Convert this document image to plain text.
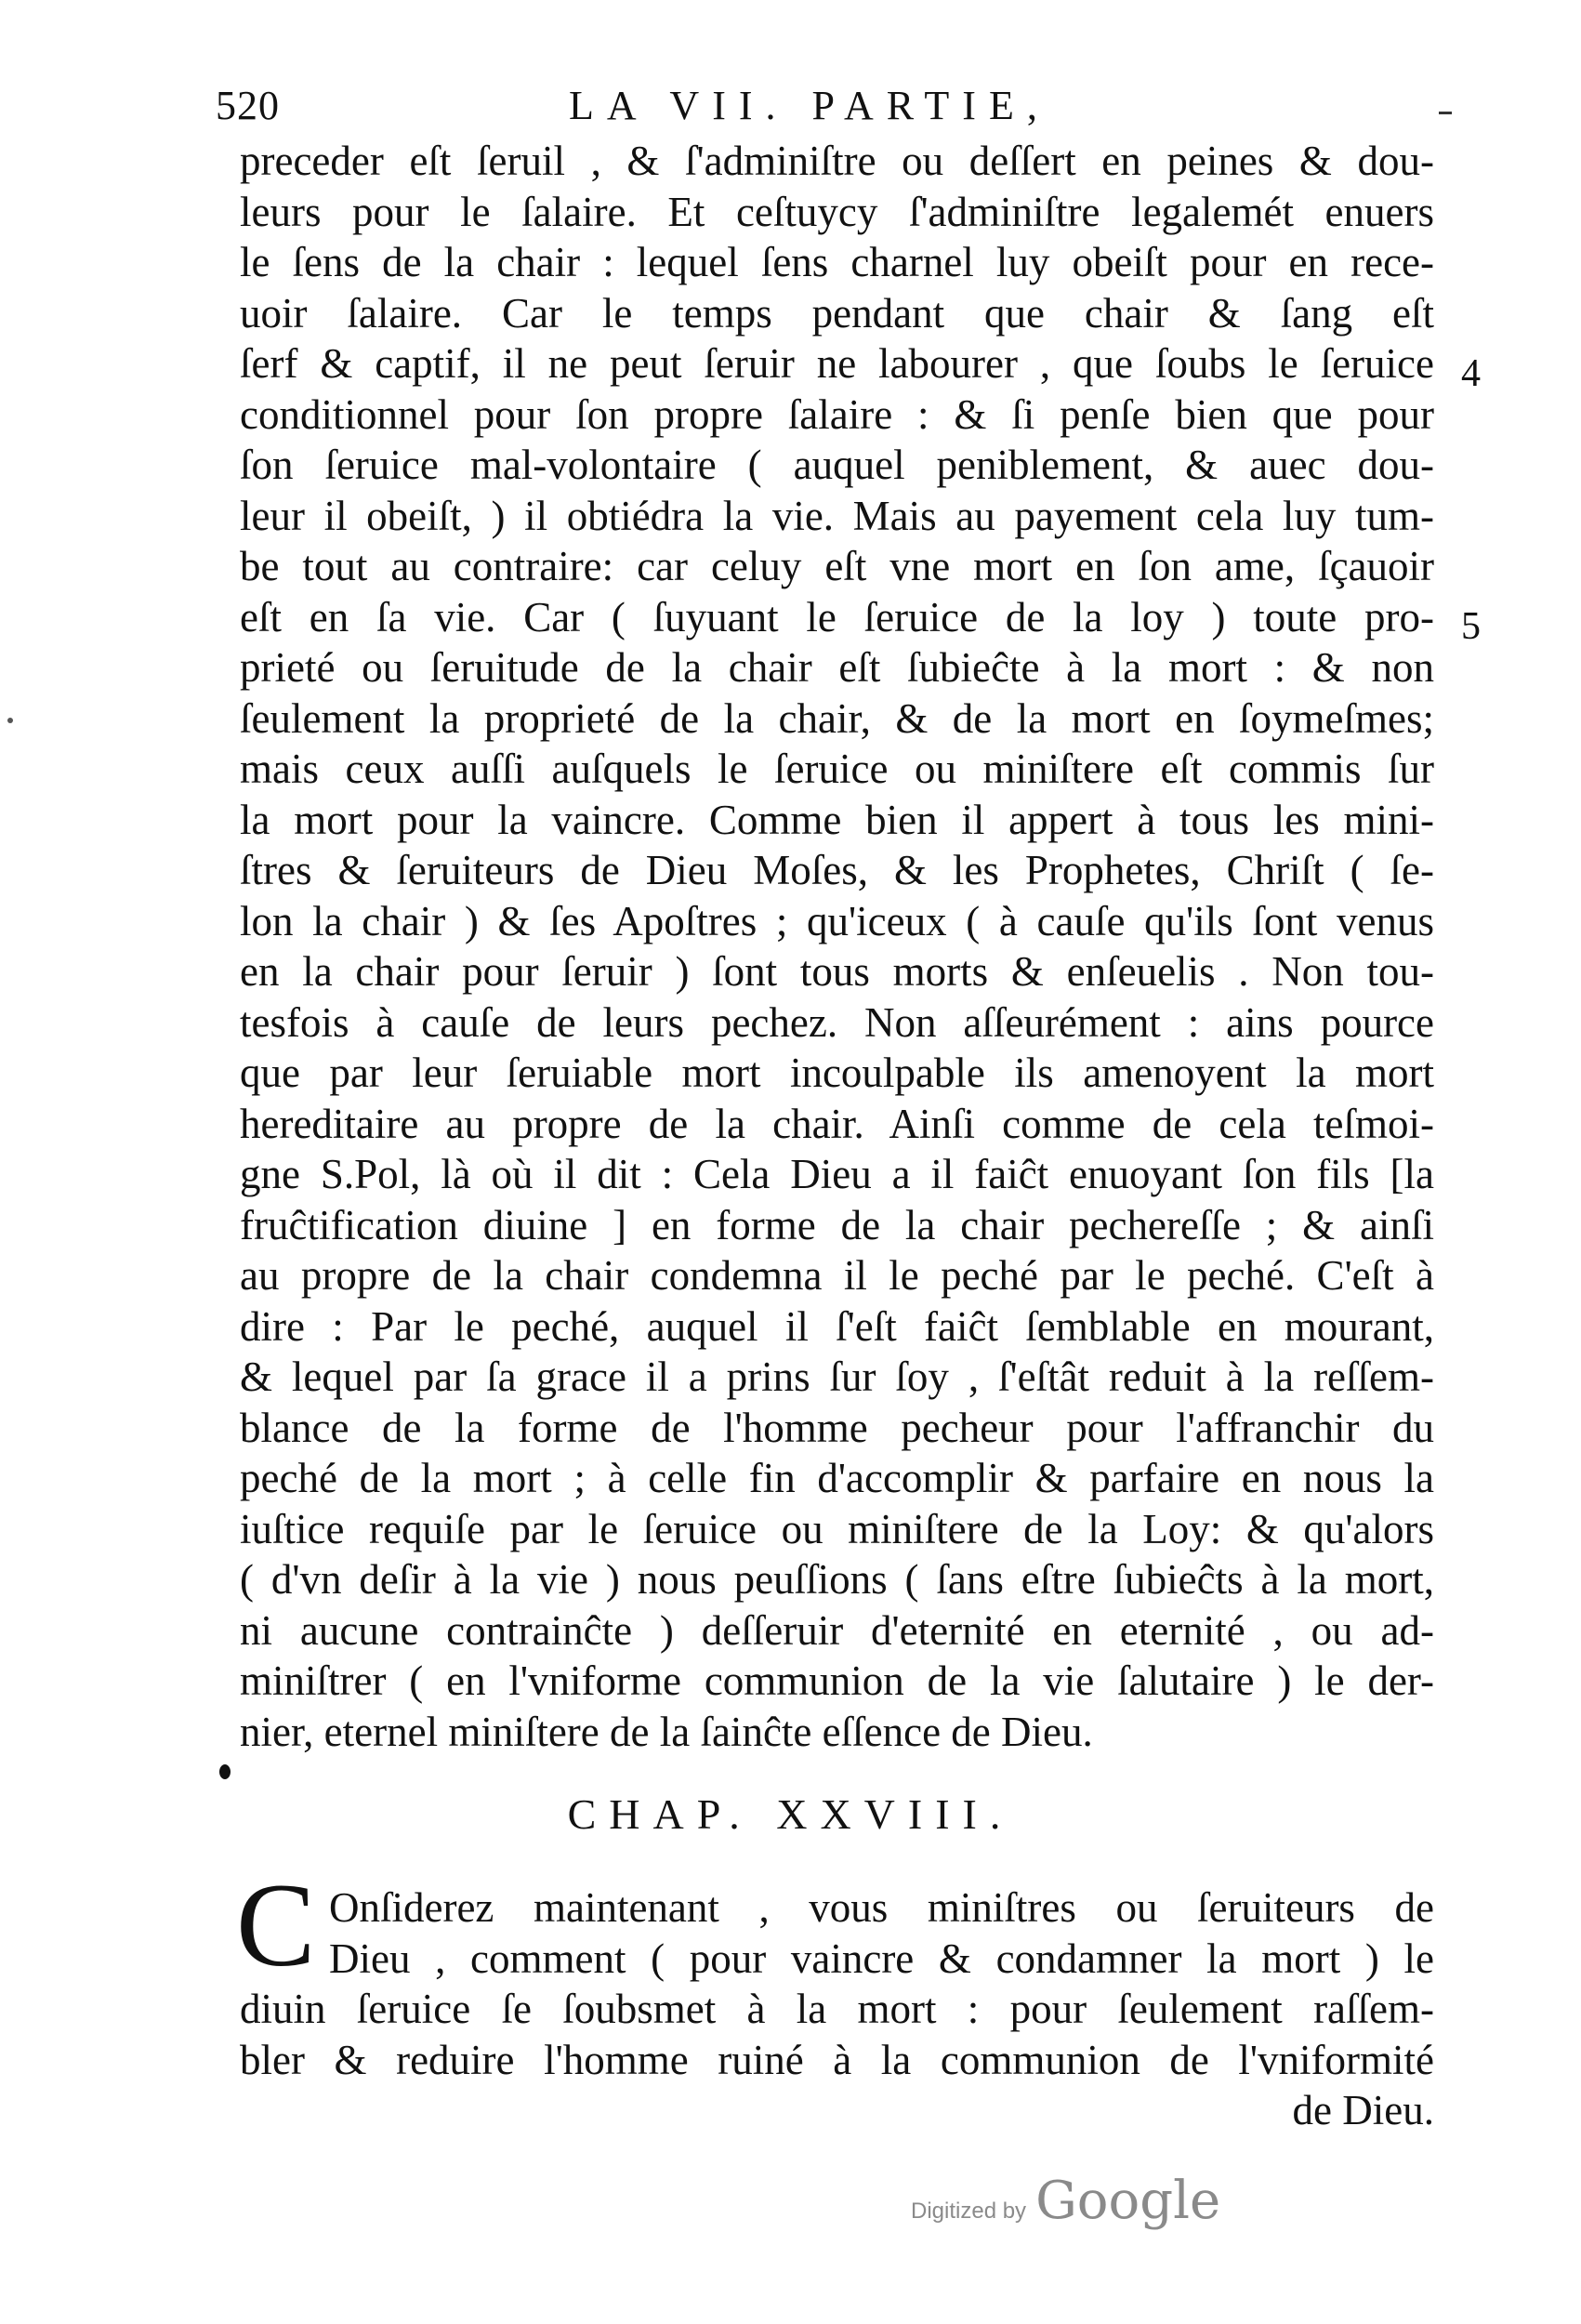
520	LA VII. PARTIE,
4
5
preceder eſt ſeruil , & ſ'adminiſtre ou deſſert en peines & dou-
leurs pour le ſalaire. Et ceſtuycy ſ'adminiſtre legalemét enuers
le ſens de la chair : lequel ſens charnel luy obeiſt pour en rece-
uoir ſalaire. Car le temps pendant que chair & ſang eſt
ſerf & captif, il ne peut ſeruir ne labourer , que ſoubs le ſeruice
conditionnel pour ſon propre ſalaire : & ſi penſe bien que pour
ſon ſeruice mal-volontaire ( auquel peniblement, & auec dou-
leur il obeiſt, ) il obtiédra la vie. Mais au payement cela luy tum-
be tout au contraire: car celuy eſt vne mort en ſon ame, ſçauoir
eſt en ſa vie. Car ( ſuyuant le ſeruice de la loy ) toute pro-
prieté ou ſeruitude de la chair eſt ſubieĉte à la mort : & non
ſeulement la proprieté de la chair, & de la mort en ſoymeſmes;
mais ceux auſſi auſquels le ſeruice ou miniſtere eſt commis ſur
la mort pour la vaincre. Comme bien il appert à tous les mini-
ſtres & ſeruiteurs de Dieu Moſes, & les Prophetes, Chriſt ( ſe-
lon la chair ) & ſes Apoſtres ; qu'iceux ( à cauſe qu'ils ſont venus
en la chair pour ſeruir ) ſont tous morts & enſeuelis . Non tou-
tesfois à cauſe de leurs pechez. Non aſſeurément : ains pource
que par leur ſeruiable mort incoulpable ils amenoyent la mort
hereditaire au propre de la chair. Ainſi comme de cela teſmoi-
gne S.Pol, là où il dit : Cela Dieu a il faiĉt enuoyant ſon fils [la
fruĉtification diuine ] en forme de la chair pechereſſe ; & ainſi
au propre de la chair condemna il le peché par le peché. C'eſt à
dire : Par le peché, auquel il ſ'eſt faiĉt ſemblable en mourant,
& lequel par ſa grace il a prins ſur ſoy , ſ'eſtât reduit à la reſſem-
blance de la forme de l'homme pecheur pour l'affranchir du
peché de la mort ; à celle fin d'accomplir & parfaire en nous la
iuſtice requiſe par le ſeruice ou miniſtere de la Loy: & qu'alors
( d'vn deſir à la vie ) nous peuſſions ( ſans eſtre ſubieĉts à la mort,
ni aucune contrainĉte ) deſſeruir d'eternité en eternité , ou ad-
miniſtrer ( en l'vniforme communion de la vie ſalutaire ) le der-
nier, eternel miniſtere de la ſainĉte eſſence de Dieu.
CHAP. XXVIII.
C Onſiderez maintenant , vous miniſtres ou ſeruiteurs de
Dieu , comment ( pour vaincre & condamner la mort ) le
diuin ſeruice ſe ſoubsmet à la mort : pour ſeulement raſſem-
bler & reduire l'homme ruiné à la communion de l'vniformité
de Dieu.
Digitized by Google
